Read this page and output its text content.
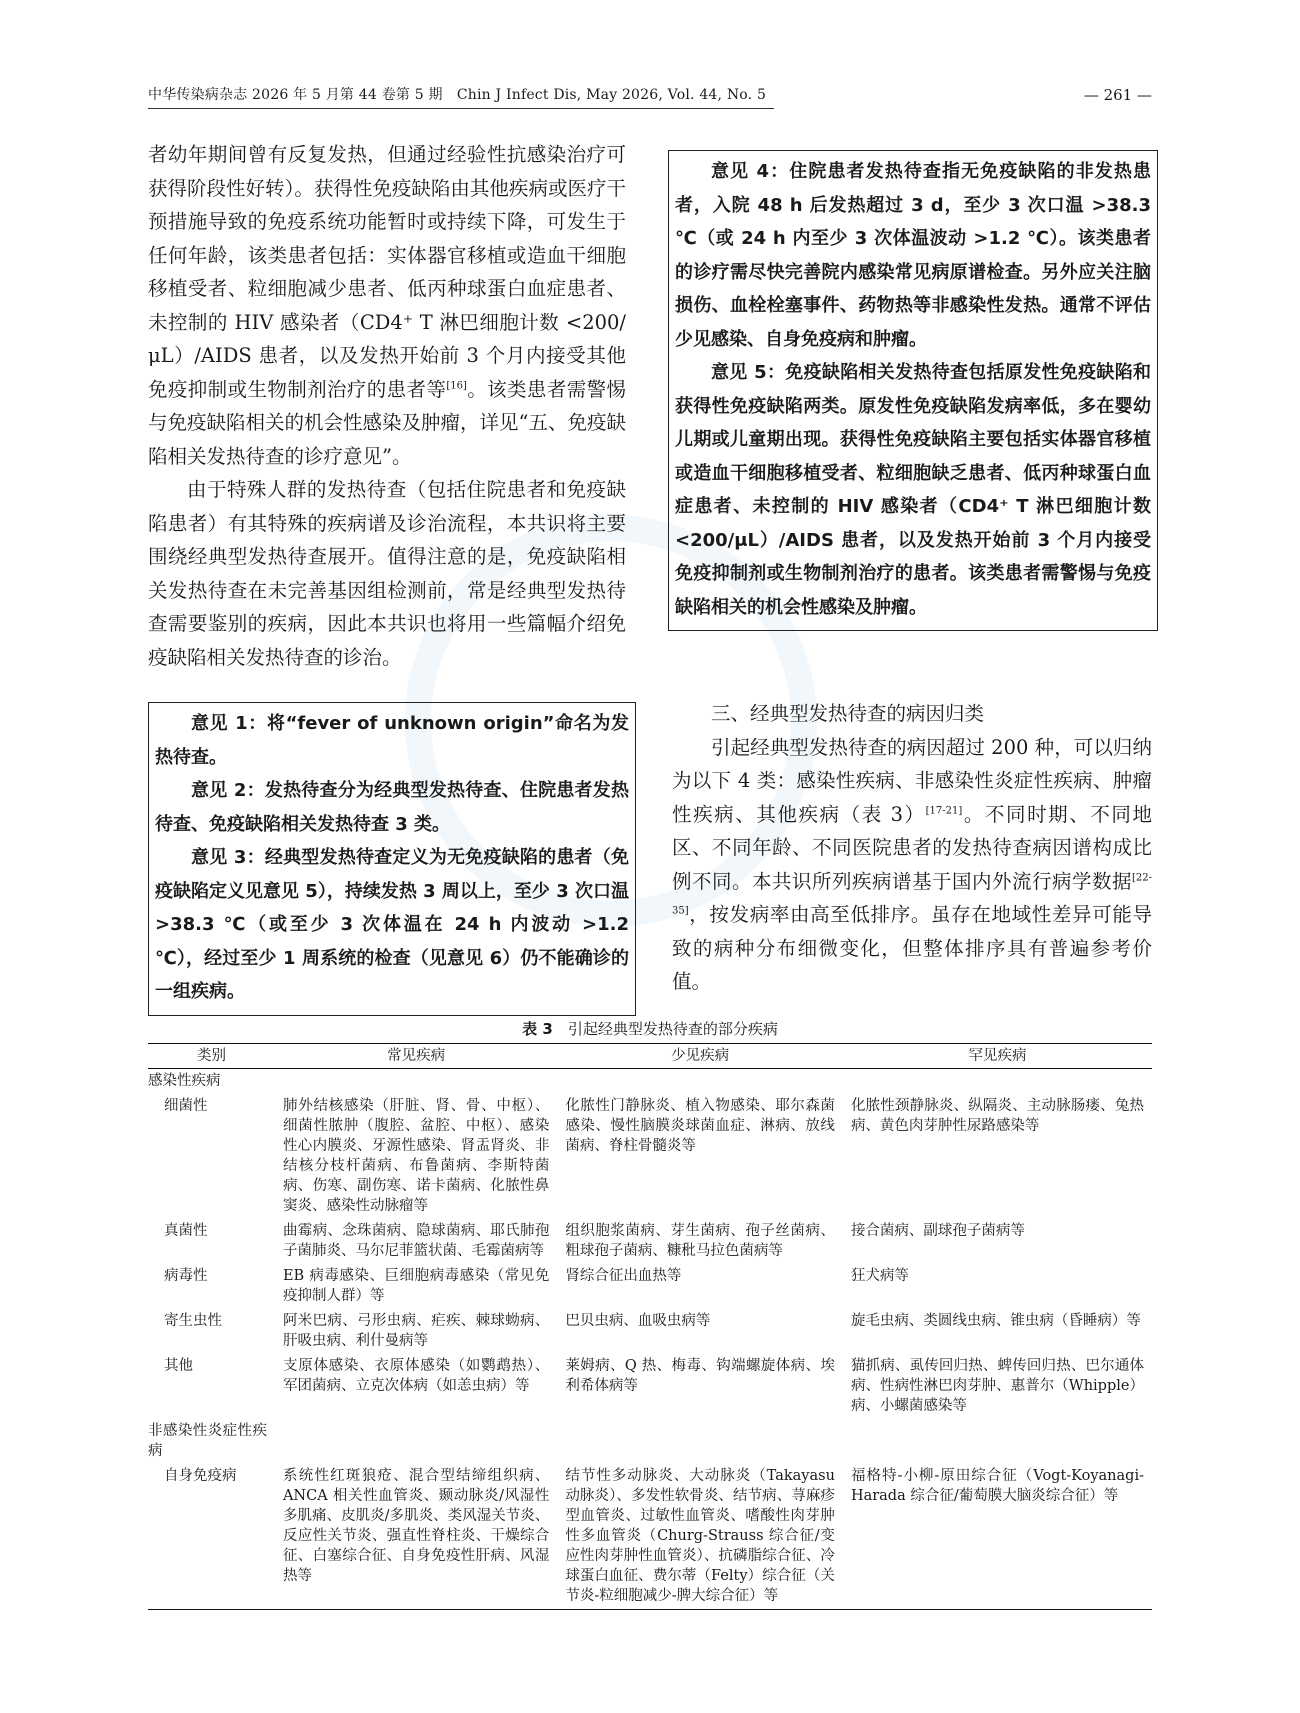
中华传染病杂志 2026 年 5 月第 44 卷第 5 期　Chin J Infect Dis, May 2026, Vol. 44, No. 5	— 261 —

者幼年期间曾有反复发热，但通过经验性抗感染治疗可获得阶段性好转）。获得性免疫缺陷由其他疾病或医疗干预措施导致的免疫系统功能暂时或持续下降，可发生于任何年龄，该类患者包括：实体器官移植或造血干细胞移植受者、粒细胞减少患者、低丙种球蛋白血症患者、未控制的 HIV 感染者（CD4⁺ T 淋巴细胞计数 <200/μL）/AIDS 患者，以及发热开始前 3 个月内接受其他免疫抑制或生物制剂治疗的患者等[16]。该类患者需警惕与免疫缺陷相关的机会性感染及肿瘤，详见“五、免疫缺陷相关发热待查的诊疗意见”。

由于特殊人群的发热待查（包括住院患者和免疫缺陷患者）有其特殊的疾病谱及诊治流程，本共识将主要围绕经典型发热待查展开。值得注意的是，免疫缺陷相关发热待查在未完善基因组检测前，常是经典型发热待查需要鉴别的疾病，因此本共识也将用一些篇幅介绍免疫缺陷相关发热待查的诊治。

意见 1：将“fever of unknown origin”命名为发热待查。

意见 2：发热待查分为经典型发热待查、住院患者发热待查、免疫缺陷相关发热待查 3 类。

意见 3：经典型发热待查定义为无免疫缺陷的患者（免疫缺陷定义见意见 5），持续发热 3 周以上，至少 3 次口温 >38.3 ℃（或至少 3 次体温在 24 h 内波动 >1.2 ℃），经过至少 1 周系统的检查（见意见 6）仍不能确诊的一组疾病。

意见 4：住院患者发热待查指无免疫缺陷的非发热患者，入院 48 h 后发热超过 3 d，至少 3 次口温 >38.3 ℃（或 24 h 内至少 3 次体温波动 >1.2 ℃）。该类患者的诊疗需尽快完善院内感染常见病原谱检查。另外应关注脑损伤、血栓栓塞事件、药物热等非感染性发热。通常不评估少见感染、自身免疫病和肿瘤。

意见 5：免疫缺陷相关发热待查包括原发性免疫缺陷和获得性免疫缺陷两类。原发性免疫缺陷发病率低，多在婴幼儿期或儿童期出现。获得性免疫缺陷主要包括实体器官移植或造血干细胞移植受者、粒细胞缺乏患者、低丙种球蛋白血症患者、未控制的 HIV 感染者（CD4⁺ T 淋巴细胞计数 <200/μL）/AIDS 患者，以及发热开始前 3 个月内接受免疫抑制剂或生物制剂治疗的患者。该类患者需警惕与免疫缺陷相关的机会性感染及肿瘤。

三、经典型发热待查的病因归类

引起经典型发热待查的病因超过 200 种，可以归纳为以下 4 类：感染性疾病、非感染性炎症性疾病、肿瘤性疾病、其他疾病（表 3）[17-21]。不同时期、不同地区、不同年龄、不同医院患者的发热待查病因谱构成比例不同。本共识所列疾病谱基于国内外流行病学数据[22-35]，按发病率由高至低排序。虽存在地域性差异可能导致的病种分布细微变化，但整体排序具有普遍参考价值。

表 3　 引起经典型发热待查的部分疾病
类别	常见疾病	少见疾病	罕见疾病
感染性疾病			
细菌性	肺外结核感染（肝脏、肾、骨、中枢）、细菌性脓肿（腹腔、盆腔、中枢）、感染性心内膜炎、牙源性感染、肾盂肾炎、非结核分枝杆菌病、布鲁菌病、李斯特菌病、伤寒、副伤寒、诺卡菌病、化脓性鼻窦炎、感染性动脉瘤等	化脓性门静脉炎、植入物感染、耶尔森菌感染、慢性脑膜炎球菌血症、淋病、放线菌病、脊柱骨髓炎等	化脓性颈静脉炎、纵隔炎、主动脉肠瘘、兔热病、黄色肉芽肿性尿路感染等
真菌性	曲霉病、念珠菌病、隐球菌病、耶氏肺孢子菌肺炎、马尔尼菲篮状菌、毛霉菌病等	组织胞浆菌病、芽生菌病、孢子丝菌病、粗球孢子菌病、糠秕马拉色菌病等	接合菌病、副球孢子菌病等
病毒性	EB 病毒感染、巨细胞病毒感染（常见免疫抑制人群）等	肾综合征出血热等	狂犬病等
寄生虫性	阿米巴病、弓形虫病、疟疾、棘球蚴病、肝吸虫病、利什曼病等	巴贝虫病、血吸虫病等	旋毛虫病、类圆线虫病、锥虫病（昏睡病）等
其他	支原体感染、衣原体感染（如鹦鹉热）、军团菌病、立克次体病（如恙虫病）等	莱姆病、Q 热、梅毒、钩端螺旋体病、埃利希体病等	猫抓病、虱传回归热、蜱传回归热、巴尔通体病、性病性淋巴肉芽肿、惠普尔（Whipple）病、小螺菌感染等
非感染性炎症性疾病			
自身免疫病	系统性红斑狼疮、混合型结缔组织病、ANCA 相关性血管炎、颞动脉炎/风湿性多肌痛、皮肌炎/多肌炎、类风湿关节炎、反应性关节炎、强直性脊柱炎、干燥综合征、白塞综合征、自身免疫性肝病、风湿热等	结节性多动脉炎、大动脉炎（Takayasu 动脉炎）、多发性软骨炎、结节病、荨麻疹型血管炎、过敏性血管炎、嗜酸性肉芽肿性多血管炎（Churg-Strauss 综合征/变应性肉芽肿性血管炎）、抗磷脂综合征、冷球蛋白血征、费尔蒂（Felty）综合征（关节炎-粒细胞减少-脾大综合征）等	福格特-小柳-原田综合征（Vogt-Koyanagi-Harada 综合征/葡萄膜大脑炎综合征）等
